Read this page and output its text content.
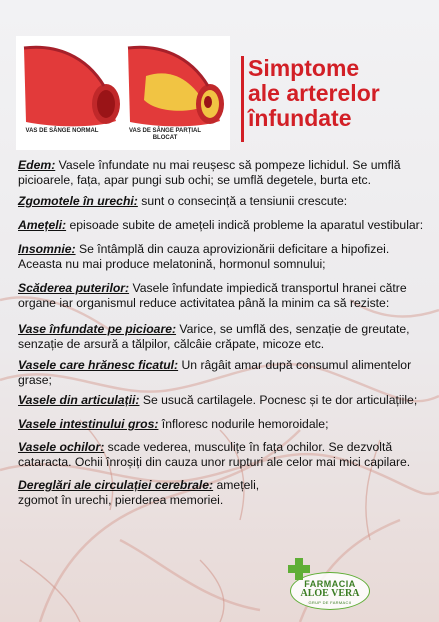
VAS DE SÂNGE NORMAL	VAS DE SÂNGE PARȚIAL BLOCAT
Simptome
ale arterelor
înfundate
Edem: Vasele înfundate nu mai reușesc să pompeze lichidul. Se umflă picioarele, fața, apar pungi sub ochi; se umflă degetele, burta etc.
Zgomotele în urechi: sunt o consecință a tensiunii crescute:
Amețeli: episoade subite de amețeli indică probleme la aparatul vestibular:
Insomnie: Se întâmplă din cauza aprovizionării deficitare a hipofizei. Aceasta nu mai produce melatonină, hormonul somnului;
Scăderea puterilor: Vasele înfundate impiedică transportul hranei către organe iar organismul reduce activitatea până la minim ca să reziste:
Vase înfundate pe picioare: Varice, se umflă des, senzație de greutate, senzație de arsură a tălpilor, călcâie crăpate, micoze etc.
Vasele care hrănesc ficatul: Un râgâit amar după consumul alimentelor grase;
Vasele din articulații: Se usucă cartilagele. Pocnesc și te dor articulațiile;
Vasele intestinului gros: înfloresc nodurile hemoroidale;
Vasele ochilor: scade vederea, musculițe în fața ochilor. Se dezvoltă cataracta. Ochii înroșiți din cauza unor rupturi ale celor mai mici capilare.
Dereglări ale circulației cerebrale: amețeli, zgomot în urechi, pierderea memoriei.
FARMACIA
ALOE VERA
GRUP DE FARMACII
